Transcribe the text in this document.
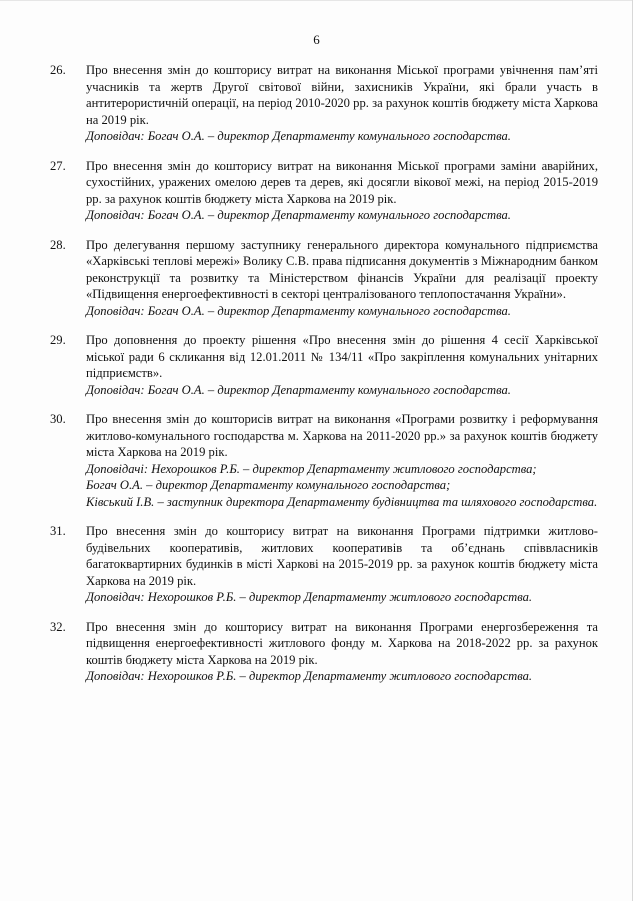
6
26. Про внесення змін до кошторису витрат на виконання Міської програми увічнення пам’яті учасників та жертв Другої світової війни, захисників України, які брали участь в антитерористичній операції, на період 2010-2020 рр. за рахунок коштів бюджету міста Харкова на 2019 рік.
Доповідач: Богач О.А. – директор Департаменту комунального господарства.
27. Про внесення змін до кошторису витрат на виконання Міської програми заміни аварійних, сухостійних, уражених омелою дерев та дерев, які досягли вікової межі, на період 2015-2019 рр. за рахунок коштів бюджету міста Харкова на 2019 рік.
Доповідач: Богач О.А. – директор Департаменту комунального господарства.
28. Про делегування першому заступнику генерального директора комунального підприємства «Харківські теплові мережі» Волику С.В. права підписання документів з Міжнародним банком реконструкції та розвитку та Міністерством фінансів України для реалізації проекту «Підвищення енергоефективності в секторі централізованого теплопостачання України».
Доповідач: Богач О.А. – директор Департаменту комунального господарства.
29. Про доповнення до проекту рішення «Про внесення змін до рішення 4 сесії Харківської міської ради 6 скликання від 12.01.2011 № 134/11 «Про закріплення комунальних унітарних підприємств».
Доповідач: Богач О.А. – директор Департаменту комунального господарства.
30. Про внесення змін до кошторисів витрат на виконання «Програми розвитку і реформування житлово-комунального господарства м. Харкова на 2011-2020 рр.» за рахунок коштів бюджету міста Харкова на 2019 рік.
Доповідачі: Нехорошков Р.Б. – директор Департаменту житлового господарства;
Богач О.А. – директор Департаменту комунального господарства;
Ківський І.В. – заступник директора Департаменту будівництва та шляхового господарства.
31. Про внесення змін до кошторису витрат на виконання Програми підтримки житлово-будівельних кооперативів, житлових кооперативів та об’єднань співвласників багатоквартирних будинків в місті Харкові на 2015-2019 рр. за рахунок коштів бюджету міста Харкова на 2019 рік.
Доповідач: Нехорошков Р.Б. – директор Департаменту житлового господарства.
32. Про внесення змін до кошторису витрат на виконання Програми енергозбереження та підвищення енергоефективності житлового фонду м. Харкова на 2018-2022 рр. за рахунок коштів бюджету міста Харкова на 2019 рік.
Доповідач: Нехорошков Р.Б. – директор Департаменту житлового господарства.
